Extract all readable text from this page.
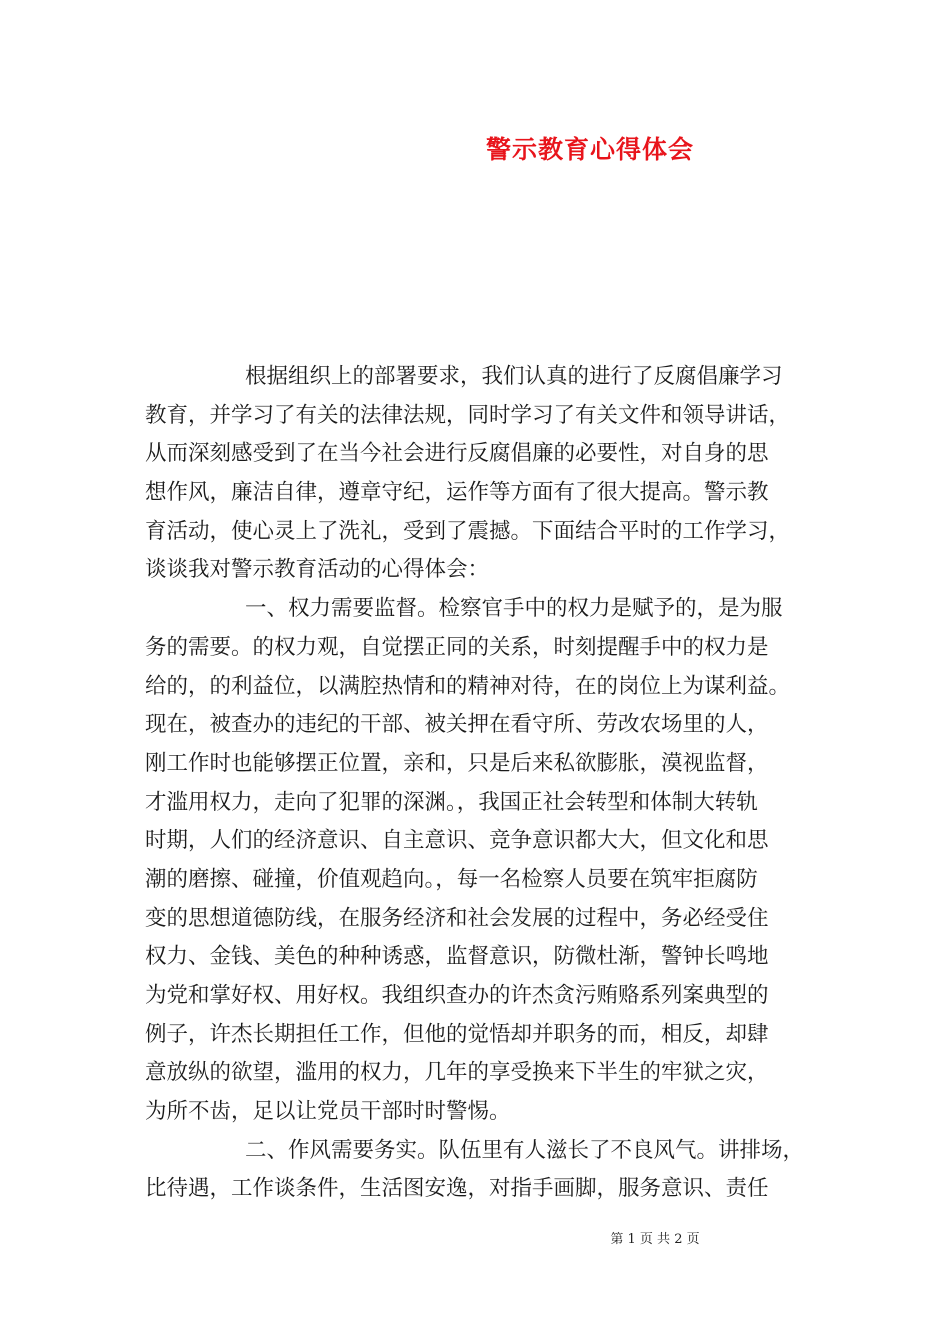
警示教育心得体会
根据组织上的部署要求，我们认真的进行了反腐倡廉学习
教育，并学习了有关的法律法规，同时学习了有关文件和领导讲话，
从而深刻感受到了在当今社会进行反腐倡廉的必要性，对自身的思
想作风，廉洁自律，遵章守纪，运作等方面有了很大提高。警示教
育活动，使心灵上了洗礼，受到了震撼。下面结合平时的工作学习，
谈谈我对警示教育活动的心得体会：
一、权力需要监督。检察官手中的权力是赋予的，是为服
务的需要。的权力观，自觉摆正同的关系，时刻提醒手中的权力是
给的，的利益位，以满腔热情和的精神对待，在的岗位上为谋利益。
现在，被查办的违纪的干部、被关押在看守所、劳改农场里的人，
刚工作时也能够摆正位置，亲和，只是后来私欲膨胀，漠视监督，
才滥用权力，走向了犯罪的深渊。，我国正社会转型和体制大转轨
时期，人们的经济意识、自主意识、竞争意识都大大，但文化和思
潮的磨擦、碰撞，价值观趋向。，每一名检察人员要在筑牢拒腐防
变的思想道德防线，在服务经济和社会发展的过程中，务必经受住
权力、金钱、美色的种种诱惑，监督意识，防微杜渐，警钟长鸣地
为党和掌好权、用好权。我组织查办的许杰贪污贿赂系列案典型的
例子，许杰长期担任工作，但他的觉悟却并职务的而，相反，却肆
意放纵的欲望，滥用的权力，几年的享受换来下半生的牢狱之灾，
为所不齿，足以让党员干部时时警惕。
二、作风需要务实。队伍里有人滋长了不良风气。讲排场，
比待遇，工作谈条件，生活图安逸，对指手画脚，服务意识、责任
第 1 页 共 2 页
